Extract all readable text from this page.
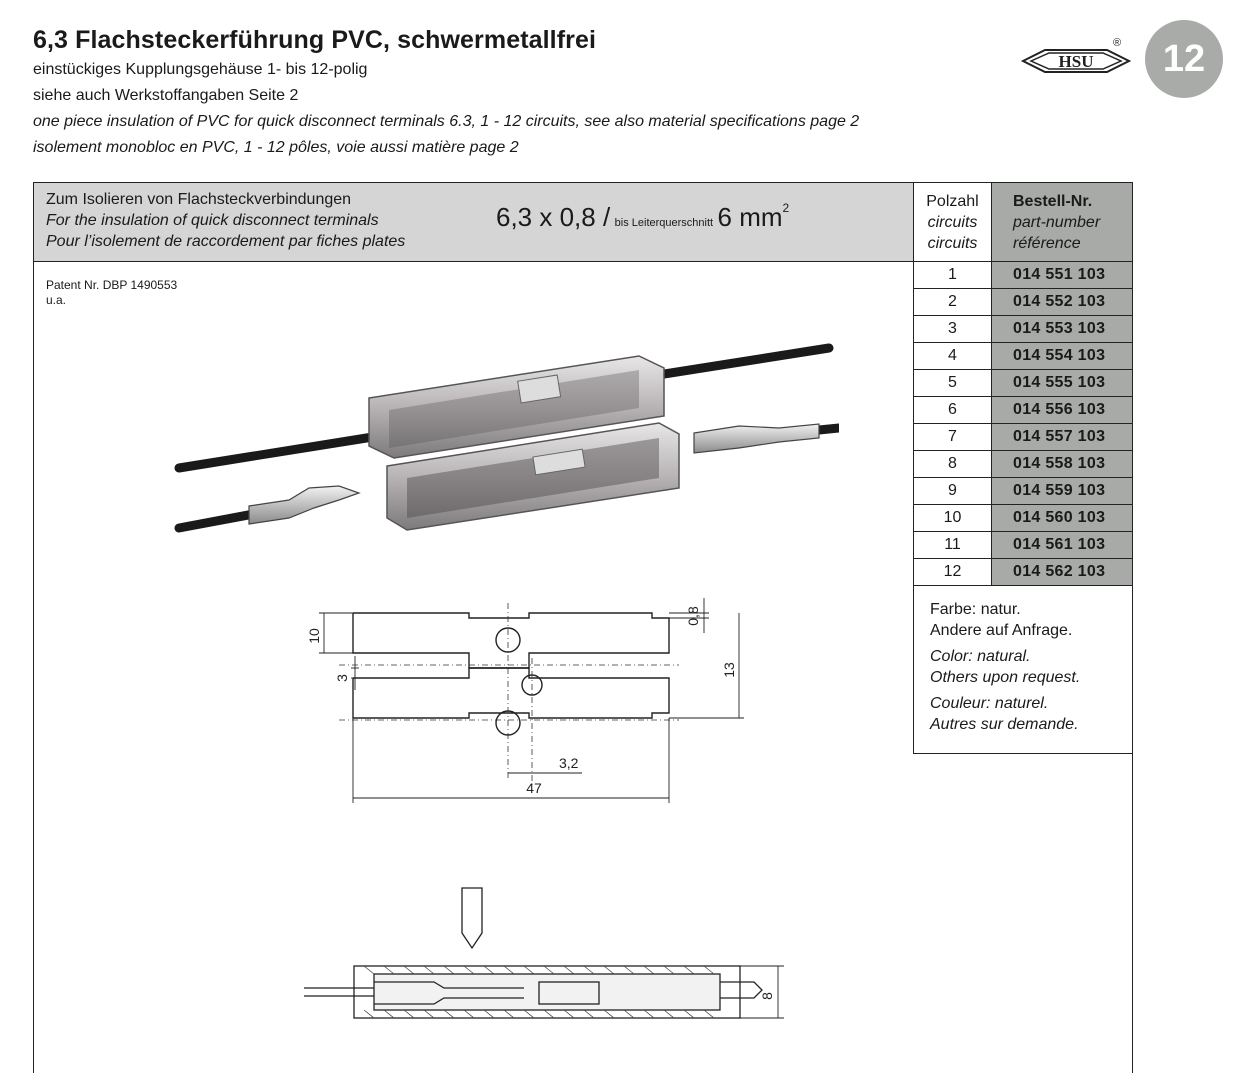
6,3 Flachsteckerführung PVC, schwermetallfrei
einstückiges Kupplungsgehäuse 1- bis 12-polig
siehe auch Werkstoffangaben Seite 2
one piece insulation of PVC for quick disconnect terminals 6.3, 1 - 12 circuits, see also material specifications page 2
isolement monobloc en PVC, 1 - 12 pôles, voie aussi matière page 2
HSU
®	12
Zum Isolieren von Flachsteckverbindungen
For the insulation of quick disconnect terminals
Pour l’isolement de raccordement par fiches plates
6,3 x 0,8 / bis Leiterquerschnitt 6 $mm^2$
Patent Nr. DBP 1490553
u.a.
Polzahl
circuits
circuits
Bestell-Nr.
part-number
référence
1	014 551 103
2	014 552 103
3	014 553 103
4	014 554 103
5	014 555 103
6	014 556 103
7	014 557 103
8	014 558 103
9	014 559 103
10	014 560 103
11	014 561 103
12	014 562 103
Farbe: natur.
Andere auf Anfrage.
Color: natural.
Others upon request.
Couleur: naturel.
Autres sur demande.
10
3
0,8
13
3,2
47
8
